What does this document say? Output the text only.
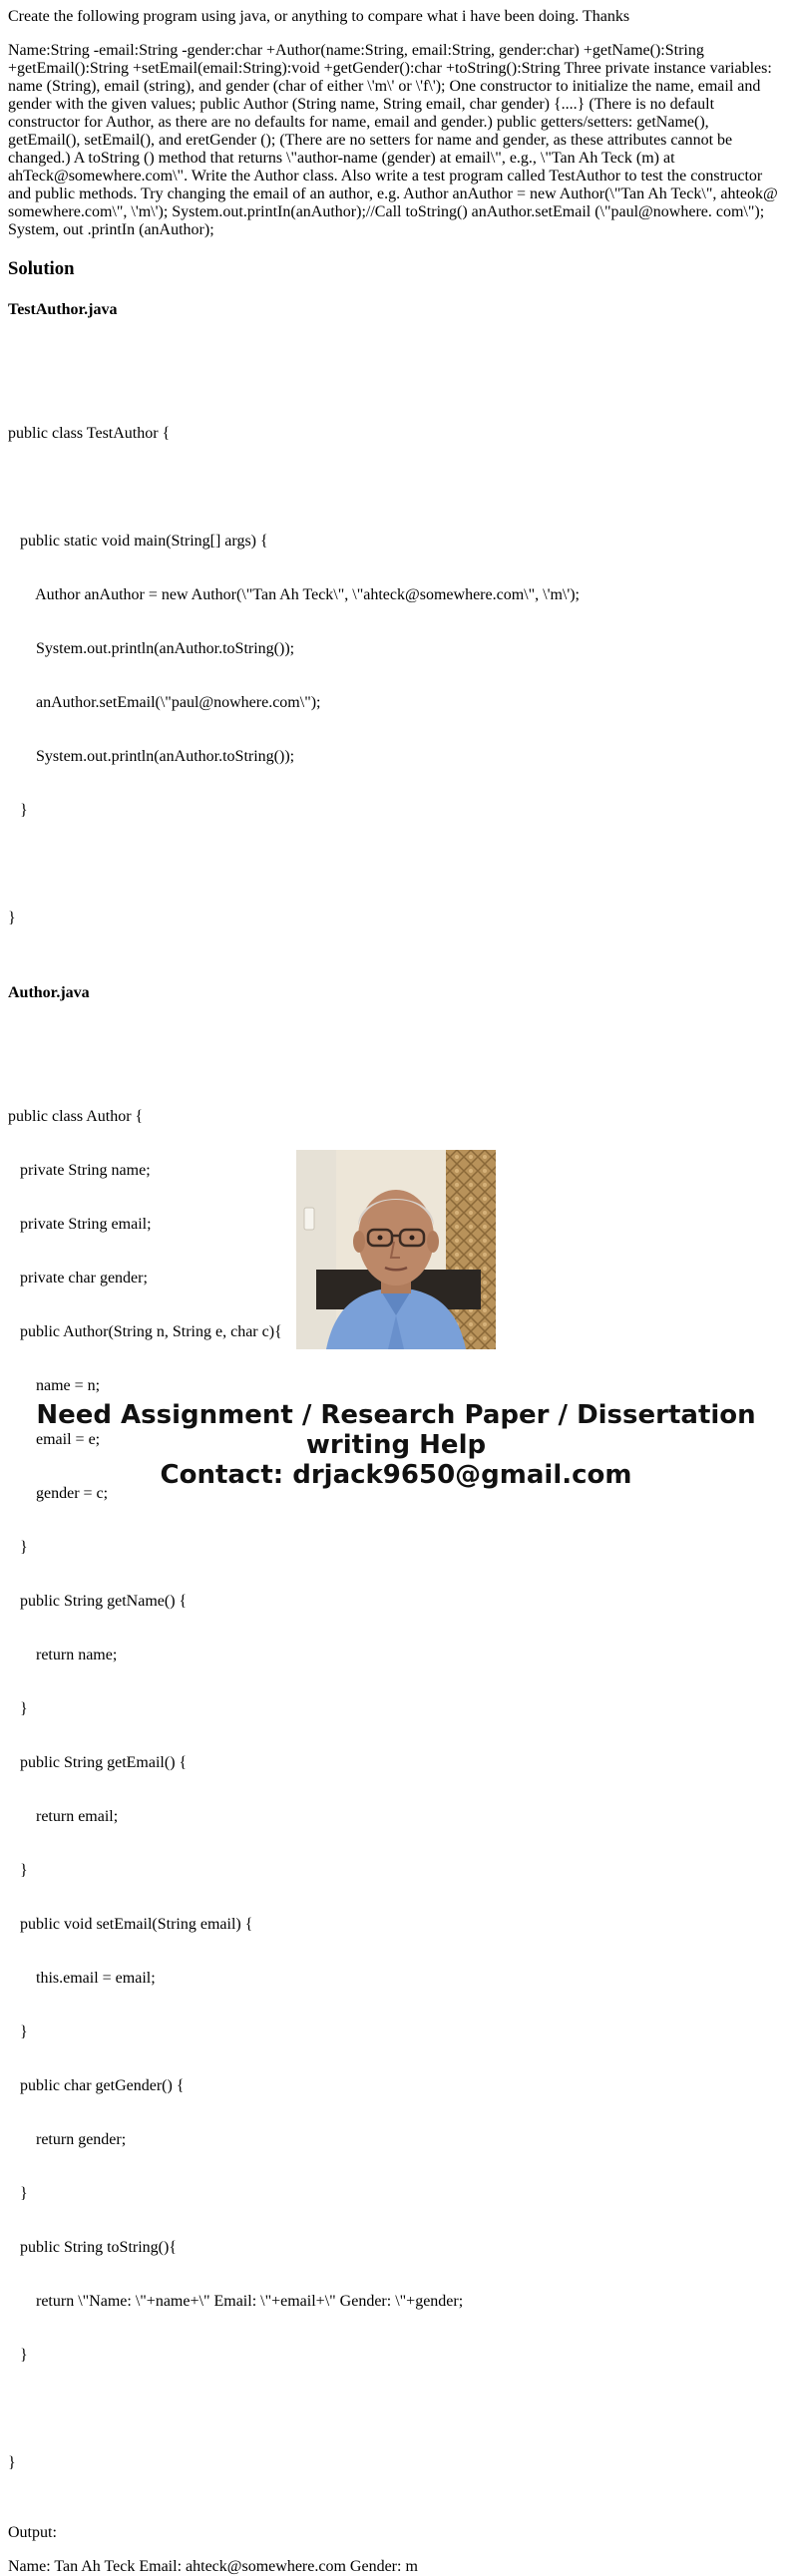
Create the following program using java, or anything to compare what i have been doing. Thanks

Name:String -email:String -gender:char +Author(name:String, email:String, gender:char) +getName():String +getEmail():String +setEmail(email:String):void +getGender():char +toString():String Three private instance variables: name (String), email (string), and gender (char of either \'m\' or \'f\'); One constructor to initialize the name, email and gender with the given values; public Author (String name, String email, char gender) {....} (There is no default constructor for Author, as there are no defaults for name, email and gender.) public getters/setters: getName(), getEmail(), setEmail(), and eretGender (); (There are no setters for name and gender, as these attributes cannot be changed.) A toString () method that returns \"author-name (gender) at email\", e.g., \"Tan Ah Teck (m) at ahTeck@somewhere.com\". Write the Author class. Also write a test program called TestAuthor to test the constructor and public methods. Try changing the email of an author, e.g. Author anAuthor = new Author(\"Tan Ah Teck\", ahteok@ somewhere.com\", \'m\'); System.out.printIn(anAuthor);//Call toString() anAuthor.setEmail (\"paul@nowhere. com\"); System, out .printIn (anAuthor);

Solution
TestAuthor.java

public class TestAuthor {

public static void main(String[] args) {

Author anAuthor = new Author(\"Tan Ah Teck\", \"ahteck@somewhere.com\", \'m\');

System.out.println(anAuthor.toString());

anAuthor.setEmail(\"paul@nowhere.com\");

System.out.println(anAuthor.toString());

}

}

Author.java

public class Author {

private String name;

private String email;

private char gender;

public Author(String n, String e, char c){

name = n;

email = e;

gender = c;

}

public String getName() {

return name;

}

public String getEmail() {

return email;

}

public void setEmail(String email) {

this.email = email;

}

public char getGender() {

return gender;

}

public String toString(){

return \"Name: \"+name+\" Email: \"+email+\" Gender: \"+gender;

}

}

Output:

Name: Tan Ah Teck Email: ahteck@somewhere.com Gender: m

Need Assignment / Research Paper / Dissertation
writing Help
Contact: drjack9650@gmail.com
